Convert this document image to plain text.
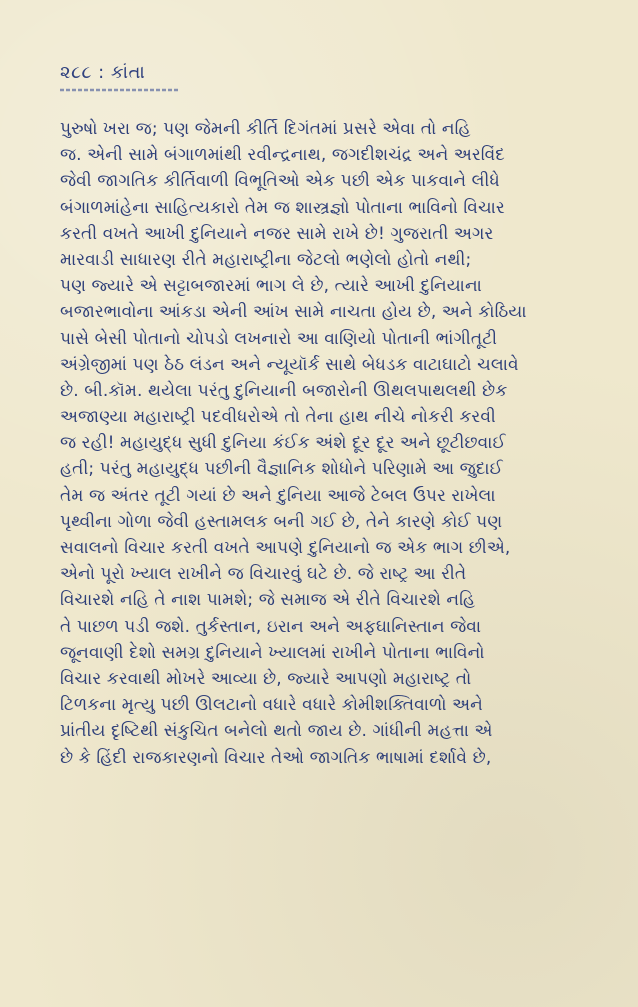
૨૮૮ : કાંતા
પુરુષો ખરા જ; પણ જેમની કીર્તિ દિગંતમાં પ્રસરે એવા તો નહિ
જ. એની સામે બંગાળમાંથી રવીન્દ્રનાથ, જગદીશચંદ્ર અને અરવિંદ
જેવી જાગતિક કીર્તિવાળી વિભૂતિઓ એક પછી એક પાકવાને લીધે
બંગાળમાંહેના સાહિત્યકારો તેમ જ શાસ્ત્રજ્ઞો પોતાના ભાવિનો વિચાર
કરતી વખતે આખી દુનિયાને નજર સામે રાખે છે! ગુજરાતી અગર
મારવાડી સાધારણ રીતે મહારાષ્ટ્રીના જેટલો ભણેલો હોતો નથી;
પણ જ્યારે એ સટ્ટાબજારમાં ભાગ લે છે, ત્યારે આખી દુનિયાના
બજારભાવોના આંકડા એની આંખ સામે નાચતા હોય છે, અને કોઠિયા
પાસે બેસી પોતાનો ચોપડો લખનારો આ વાણિયો પોતાની ભાંગીતૂટી
અંગ્રેજીમાં પણ ઠેઠ લંડન અને ન્યૂયૉર્ક સાથે બેધડક વાટાઘાટો ચલાવે
છે. બી.કૉમ. થયેલા પરંતુ દુનિયાની બજારોની ઊથલપાથલથી છેક
અજાણ્યા મહારાષ્ટ્રી પદવીધરોએ તો તેના હાથ નીચે નોકરી કરવી
જ રહી! મહાયુદ્ધ સુધી દુનિયા કંઈક અંશે દૂર દૂર અને છૂટીછવાઈ
હતી; પરંતુ મહાયુદ્ધ પછીની વૈજ્ઞાનિક શોધોને પરિણામે આ જુદાઈ
તેમ જ અંતર તૂટી ગયાં છે અને દુનિયા આજે ટેબલ ઉપર રાખેલા
પૃથ્વીના ગોળા જેવી હસ્તામલક બની ગઈ છે, તેને કારણે કોઈ પણ
સવાલનો વિચાર કરતી વખતે આપણે દુનિયાનો જ એક ભાગ છીએ,
એનો પૂરો ખ્યાલ રાખીને જ વિચારવું ઘટે છે. જે રાષ્ટ્ર આ રીતે
વિચારશે નહિ તે નાશ પામશે; જે સમાજ એ રીતે વિચારશે નહિ
તે પાછળ પડી જશે. તુર્કસ્તાન, ઇરાન અને અફઘાનિસ્તાન જેવા
જૂનવાણી દેશો સમગ્ર દુનિયાને ખ્યાલમાં રાખીને પોતાના ભાવિનો
વિચાર કરવાથી મોખરે આવ્યા છે, જ્યારે આપણો મહારાષ્ટ્ર તો
ટિળકના મૃત્યુ પછી ઊલટાનો વધારે વધારે કોમીશક્તિવાળો અને
પ્રાંતીય દૃષ્ટિથી સંકુચિત બનેલો થતો જાય છે. ગાંધીની મહત્તા એ
છે કે હિંદી રાજકારણનો વિચાર તેઓ જાગતિક ભાષામાં દર્શાવે છે,
